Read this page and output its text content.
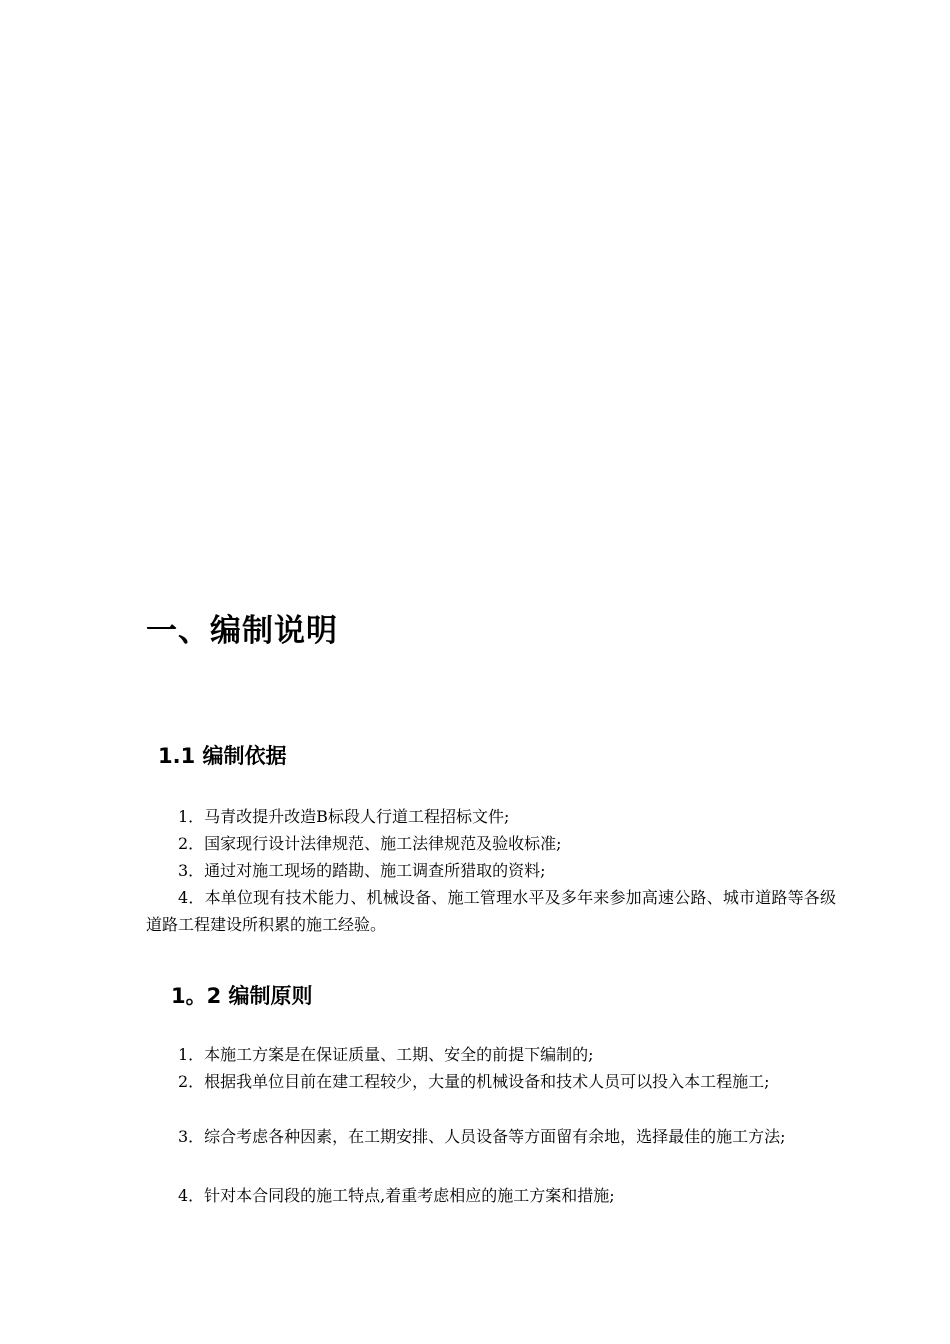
一、编制说明
1.1 编制依据

1．马青改提升改造B标段人行道工程招标文件;

2．国家现行设计法律规范、施工法律规范及验收标准;

3．通过对施工现场的踏勘、施工调查所猎取的资料;

4．本单位现有技术能力、机械设备、施工管理水平及多年来参加高速公路、城市道路等各级道路工程建设所积累的施工经验。

1。2 编制原则

1．本施工方案是在保证质量、工期、安全的前提下编制的;

2．根据我单位目前在建工程较少，大量的机械设备和技术人员可以投入本工程施工;

3．综合考虑各种因素，在工期安排、人员设备等方面留有余地，选择最佳的施工方法;

4．针对本合同段的施工特点,着重考虑相应的施工方案和措施;
